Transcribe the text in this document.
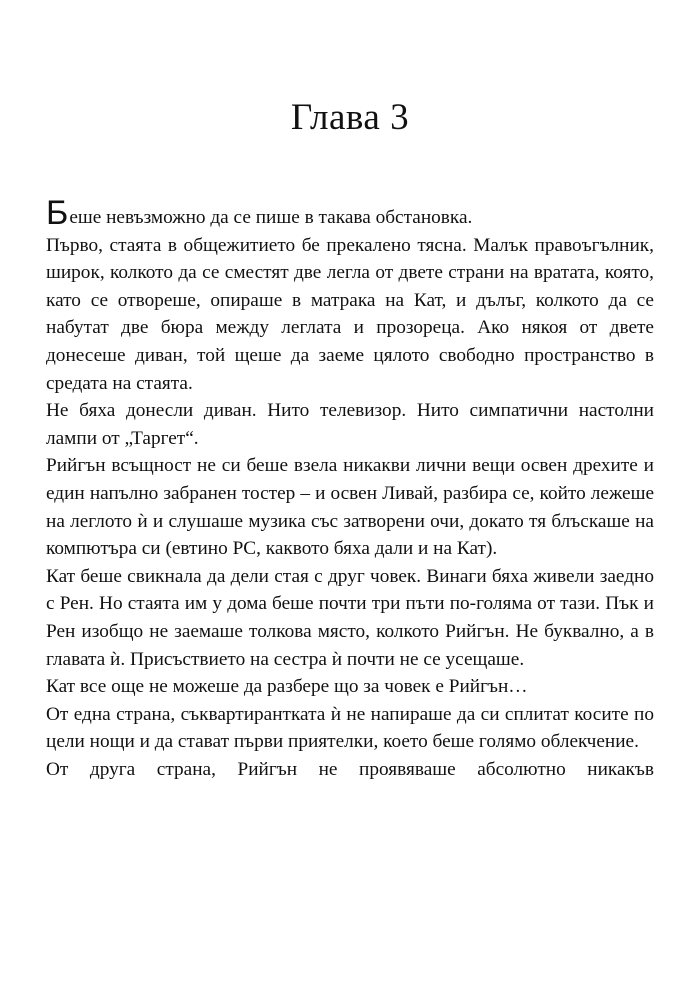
Глава 3

Беше невъзможно да се пише в такава обстановка.

Първо, стаята в общежитието бе прекалено тясна. Малък правоъгълник, широк, колкото да се сместят две легла от двете страни на вратата, която, като се отвореше, опираше в матрака на Кат, и дълъг, колкото да се набутат две бюра между леглата и прозореца. Ако някоя от двете донесеше диван, той щеше да заеме цялото свободно пространство в средата на стаята.

Не бяха донесли диван. Нито телевизор. Нито симпатични настолни лампи от „Таргет“.

Рийгън всъщност не си беше взела никакви лични вещи освен дрехите и един напълно забранен тостер – и освен Ливай, разбира се, който лежеше на леглото ѝ и слушаше музика със затворени очи, докато тя блъскаше на компютъра си (евтино PC, каквото бяха дали и на Кат).

Кат беше свикнала да дели стая с друг човек. Винаги бяха живели заедно с Рен. Но стаята им у дома беше почти три пъти по-голяма от тази. Пък и Рен изобщо не заемаше толкова място, колкото Рийгън. Не буквално, а в главата ѝ. Присъствието на сестра ѝ почти не се усещаше.

Кат все още не можеше да разбере що за човек е Рийгън…

От една страна, съквартирантката ѝ не напираше да си сплитат косите по цели нощи и да стават първи приятелки, което беше голямо облекчение.

От друга страна, Рийгън не проявяваше абсолютно никакъв
